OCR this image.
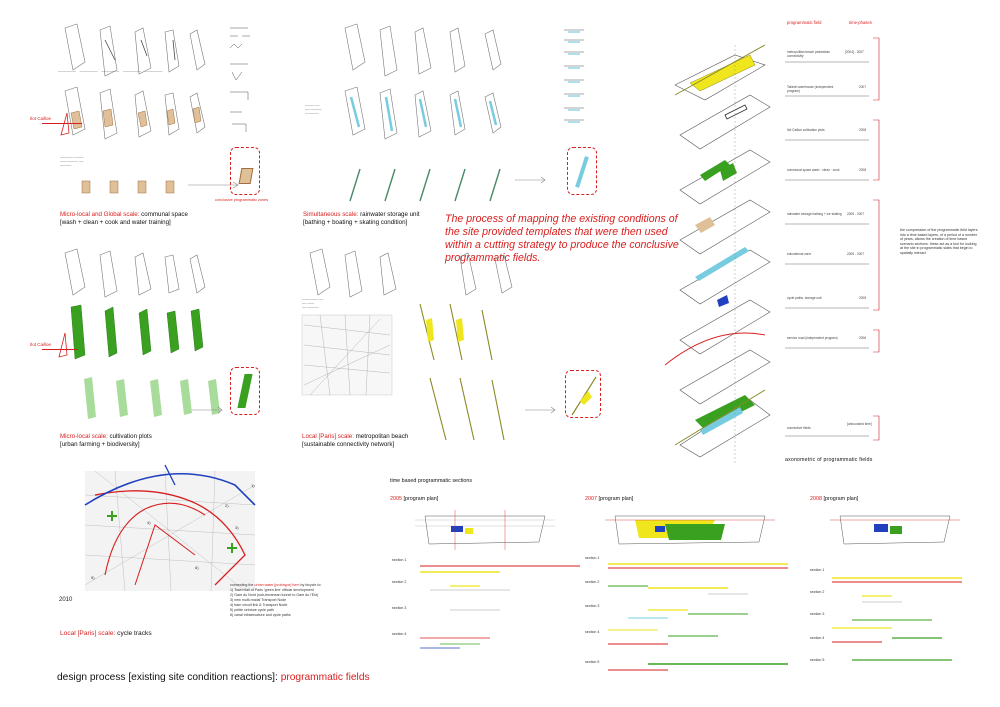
────────    ────────    ────────    ────────    ────────
Ilot Cailloe
────── ────
──────── ──
─────
conclusive programmatic zones
Micro-local and Global scale: communal space
[wash + clean + cook and water training]
──── ──
── ─────
──────
Simultaneous scale: rainwater storage unit
[bathing + boating + skating condition]	The process of mapping the existing conditions of the site provided templates that were then used within a cutting strategy to produce the conclusive programmatic fields.
Ilot Cailloe
Micro-local scale: cultivation plots
[urban farming + biodiversity]
─────── ──
── ───
── ─────
Local [Paris] scale: metropolitan beach
[sustainable connectivity network]
1)
2)
3)
4)
5)
6)
2010
connecting the urban water [prototype] form by bicycle to:
1) Town Hall of Paris 'green line' official development
2) Gare du Nord (sub-terranean tunnel to Gare du l'Est)
3) new multi-modal Transport Node
4) tram circuit link & Transport Node
5) petite ceinture cycle path
6) canal infrastructure and cycle paths
Local [Paris] scale: cycle tracks
programmatic field	time-phases
metropolitan beach pedestrian connectivity
[2004] - 2007
Tafanel warehouse (independent program)
2007
Ilot Cailloe cultivation plots	2008
communal space wash · clean · cook	2008
rainwater storage bathing + ice skating	2005 - 2007
educational zone	2005 - 2007
cycle paths· storage unit	2005
service road (independent program)	2006
connective fields
[unbounded time]
the compression of the programmatic field layers into a time based layers, of a period of a number of years, allows the creation of time based scenario sections. these act as a tool for looking at the site in programmatic slabs that begin to spatially interact
axonometric of programmatic fields
time based programmatic sections
2005 [program plan]	2007 [program plan]	2008 [program plan]
section 1
section 2
section 3
section 4
section 1
section 2
section 3
section 4
section 5
section 1
section 2
section 3
section 4
section 5
design process [existing site condition reactions]: programmatic fields
